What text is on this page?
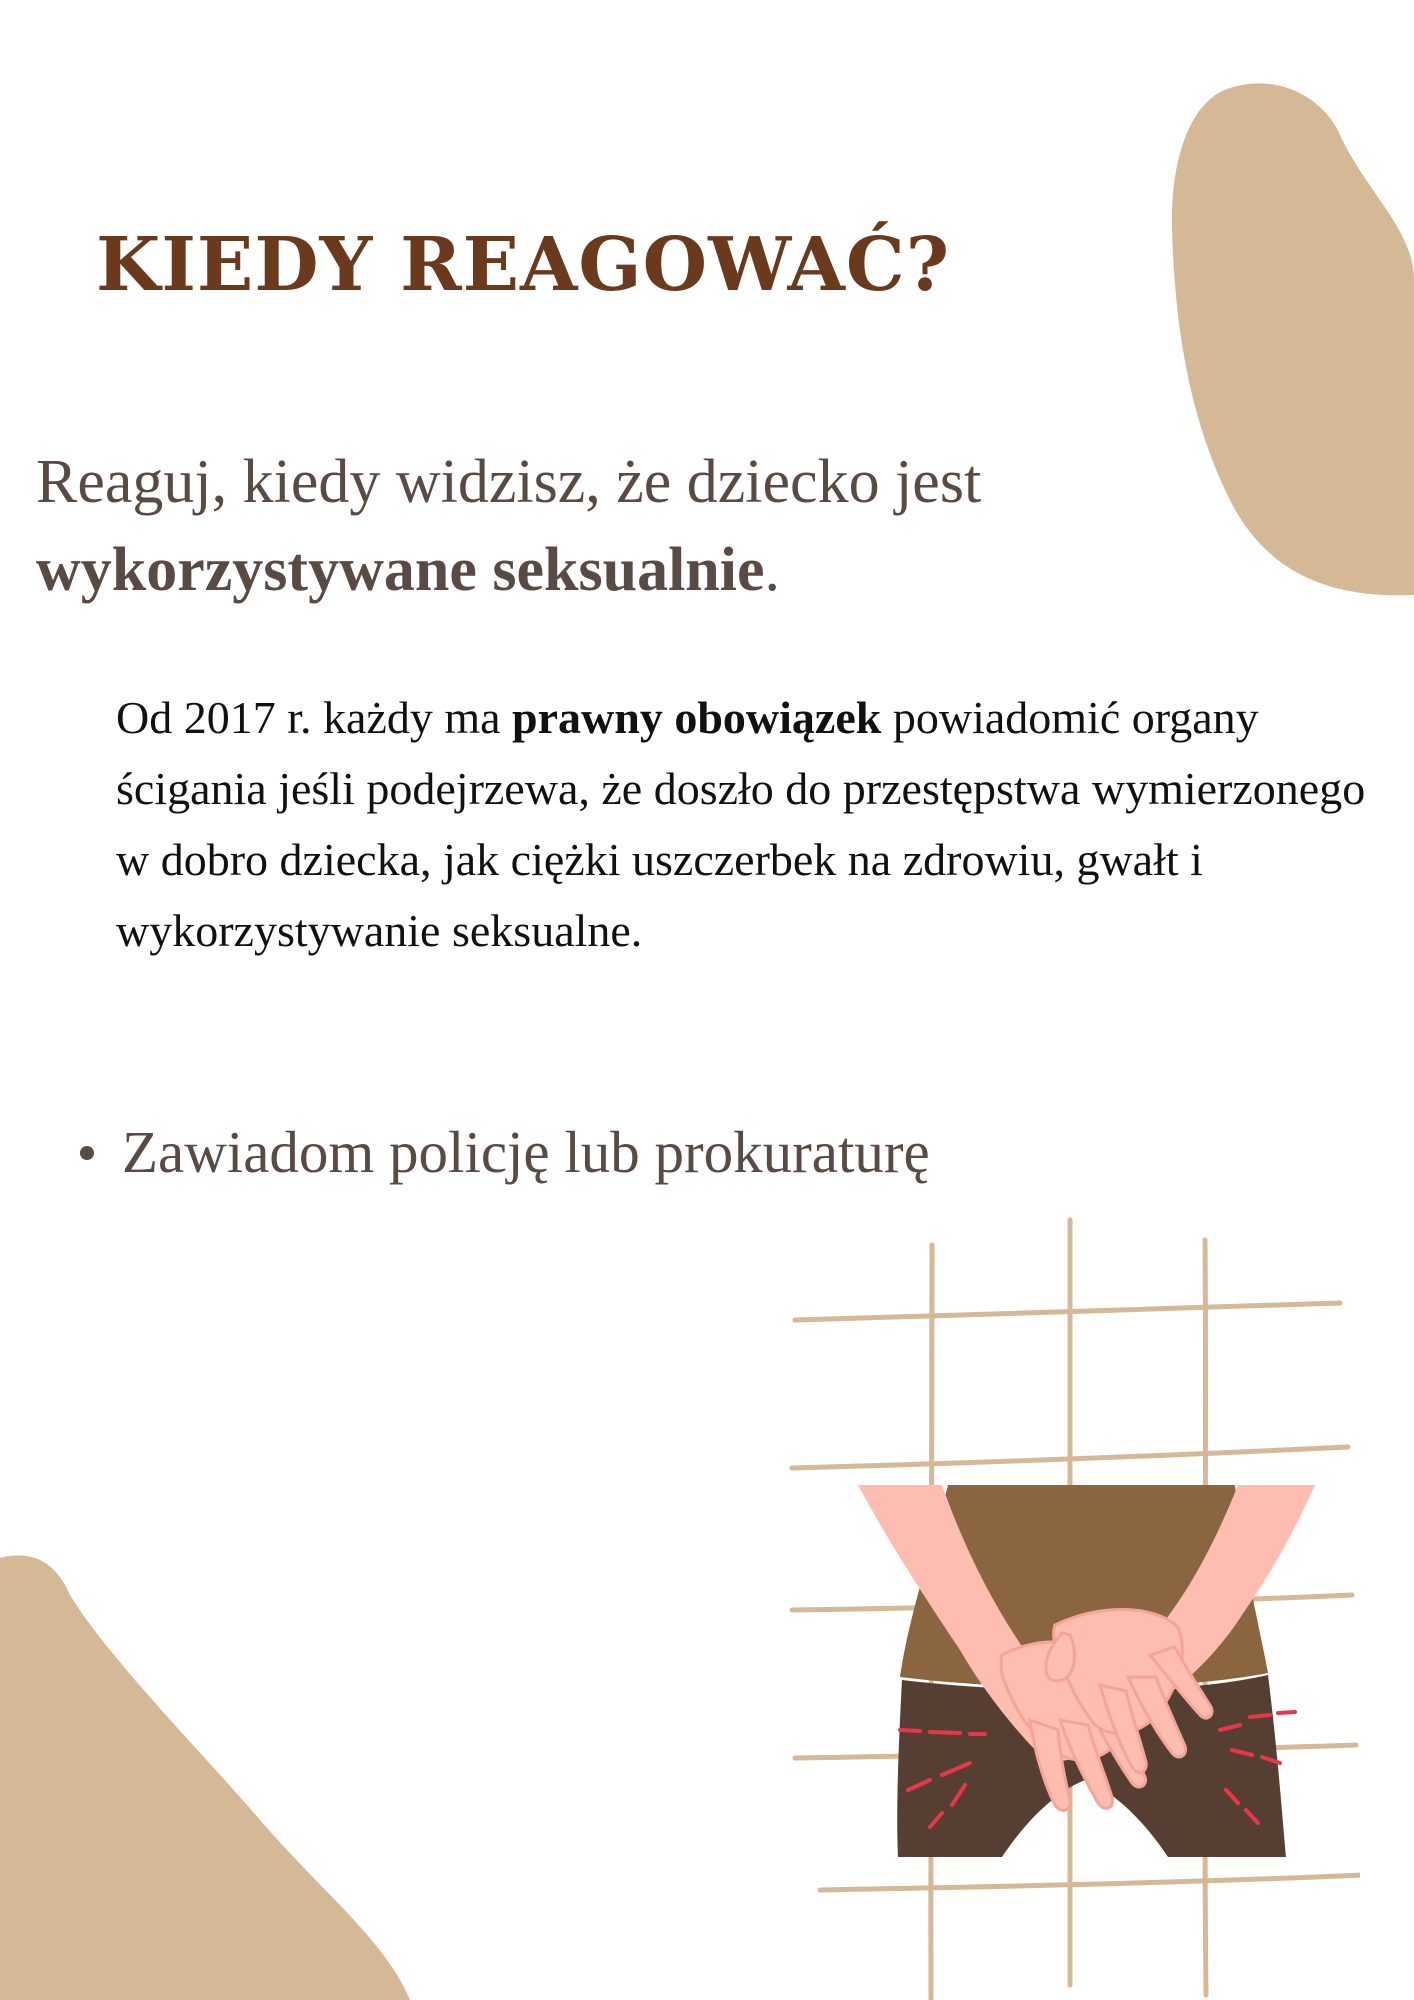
KIEDY REAGOWAĆ?

Reaguj, kiedy widzisz, że dziecko jest wykorzystywane seksualnie.

Od 2017 r. każdy ma prawny obowiązek powiadomić organy ścigania jeśli podejrzewa, że doszło do przestępstwa wymierzonego w dobro dziecka, jak ciężki uszczerbek na zdrowiu, gwałt i wykorzystywanie seksualne.

Zawiadom policję lub prokuraturę
